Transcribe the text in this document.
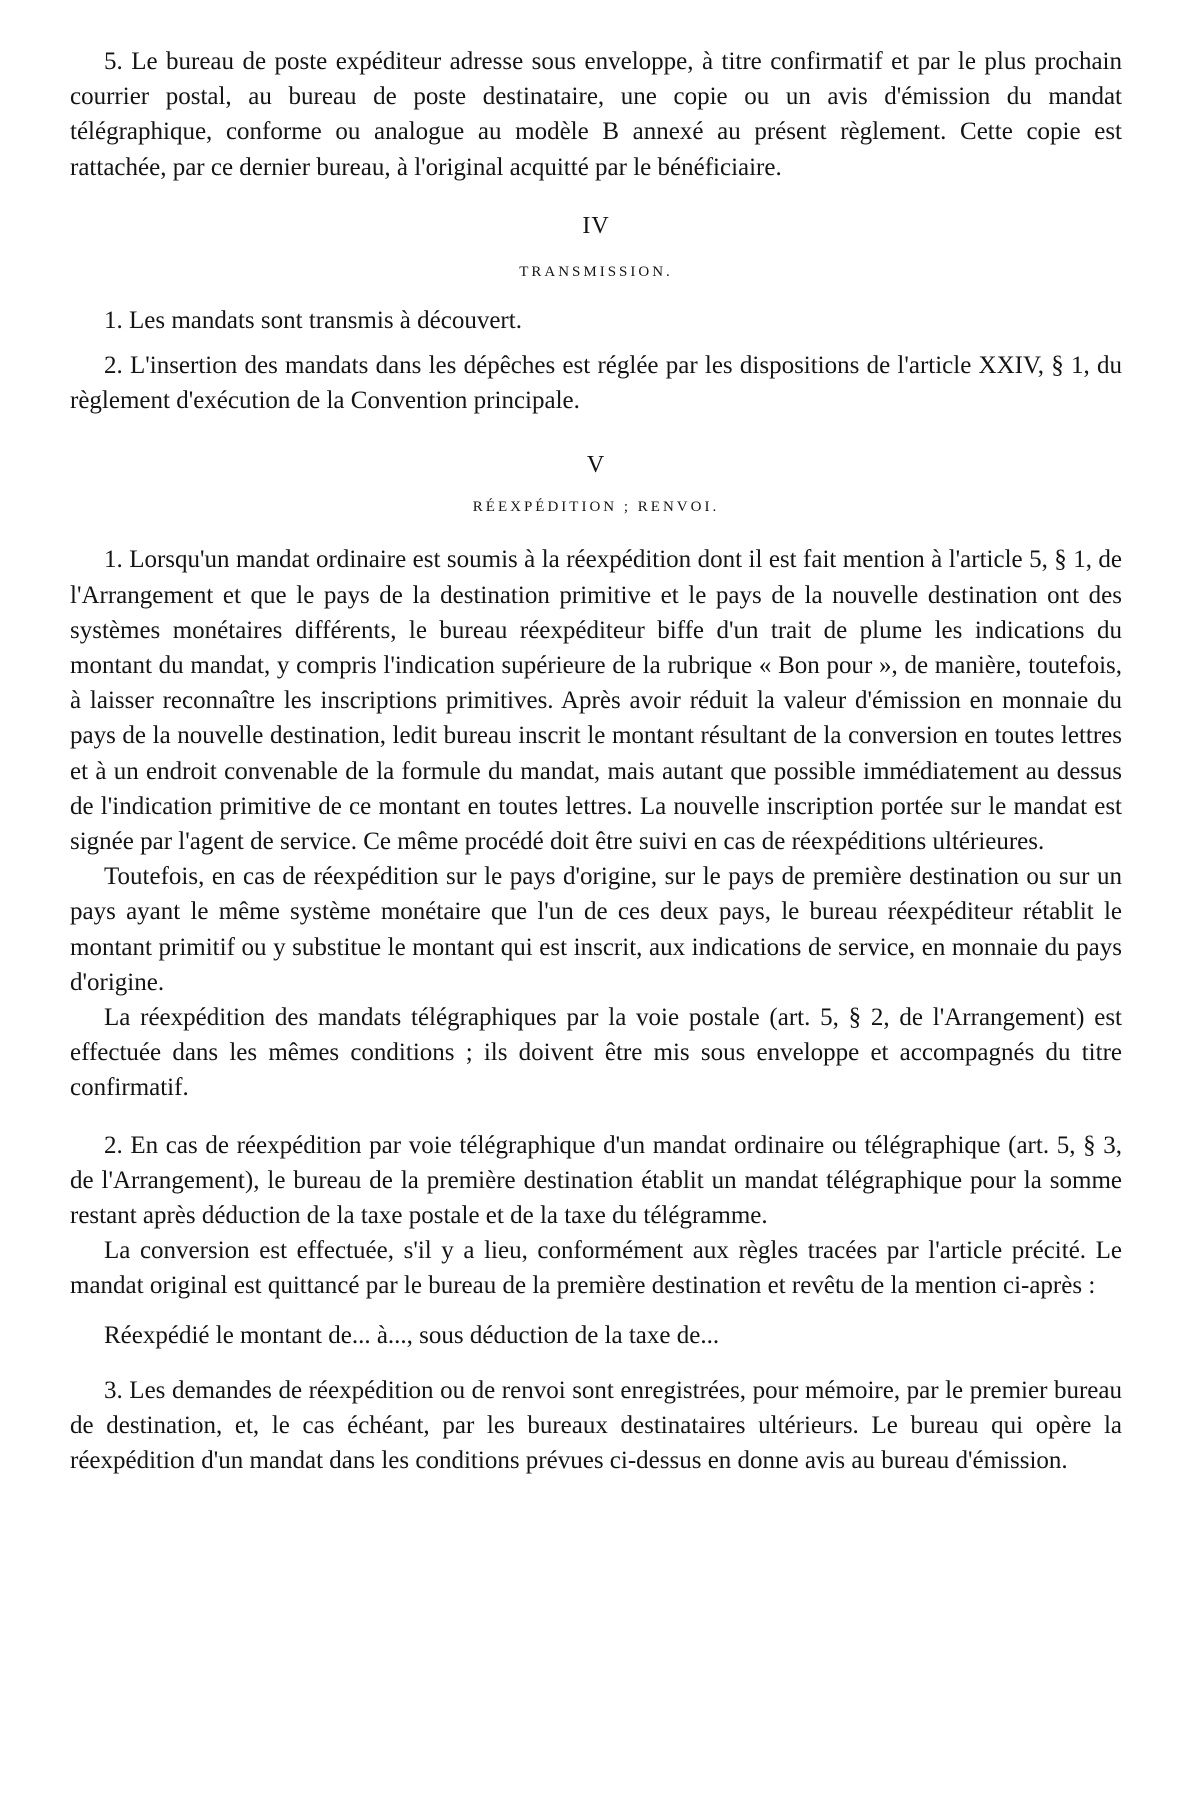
5. Le bureau de poste expéditeur adresse sous enveloppe, à titre confirmatif et par le plus prochain courrier postal, au bureau de poste destinataire, une copie ou un avis d'émission du mandat télégraphique, conforme ou analogue au modèle B annexé au présent règlement. Cette copie est rattachée, par ce dernier bureau, à l'original acquitté par le bénéficiaire.

IV
TRANSMISSION.

1. Les mandats sont transmis à découvert.

2. L'insertion des mandats dans les dépêches est réglée par les dispositions de l'article XXIV, § 1, du règlement d'exécution de la Convention principale.

V
RÉEXPÉDITION ; RENVOI.

1. Lorsqu'un mandat ordinaire est soumis à la réexpédition dont il est fait mention à l'article 5, § 1, de l'Arrangement et que le pays de la destination primitive et le pays de la nouvelle destination ont des systèmes monétaires différents, le bureau réexpéditeur biffe d'un trait de plume les indications du montant du mandat, y compris l'indication supérieure de la rubrique « Bon pour », de manière, toutefois, à laisser reconnaître les inscriptions primitives. Après avoir réduit la valeur d'émission en monnaie du pays de la nouvelle destination, ledit bureau inscrit le montant résultant de la conversion en toutes lettres et à un endroit convenable de la formule du mandat, mais autant que possible immédiatement au dessus de l'indication primitive de ce montant en toutes lettres. La nouvelle inscription portée sur le mandat est signée par l'agent de service. Ce même procédé doit être suivi en cas de réexpéditions ultérieures.

Toutefois, en cas de réexpédition sur le pays d'origine, sur le pays de première destination ou sur un pays ayant le même système monétaire que l'un de ces deux pays, le bureau réexpéditeur rétablit le montant primitif ou y substitue le montant qui est inscrit, aux indications de service, en monnaie du pays d'origine.

La réexpédition des mandats télégraphiques par la voie postale (art. 5, § 2, de l'Arrangement) est effectuée dans les mêmes conditions ; ils doivent être mis sous enveloppe et accompagnés du titre confirmatif.

2. En cas de réexpédition par voie télégraphique d'un mandat ordinaire ou télégraphique (art. 5, § 3, de l'Arrangement), le bureau de la première destination établit un mandat télégraphique pour la somme restant après déduction de la taxe postale et de la taxe du télégramme.

La conversion est effectuée, s'il y a lieu, conformément aux règles tracées par l'article précité. Le mandat original est quittancé par le bureau de la première destination et revêtu de la mention ci-après :

Réexpédié le montant de... à..., sous déduction de la taxe de...

3. Les demandes de réexpédition ou de renvoi sont enregistrées, pour mémoire, par le premier bureau de destination, et, le cas échéant, par les bureaux destinataires ultérieurs. Le bureau qui opère la réexpédition d'un mandat dans les conditions prévues ci-dessus en donne avis au bureau d'émission.
